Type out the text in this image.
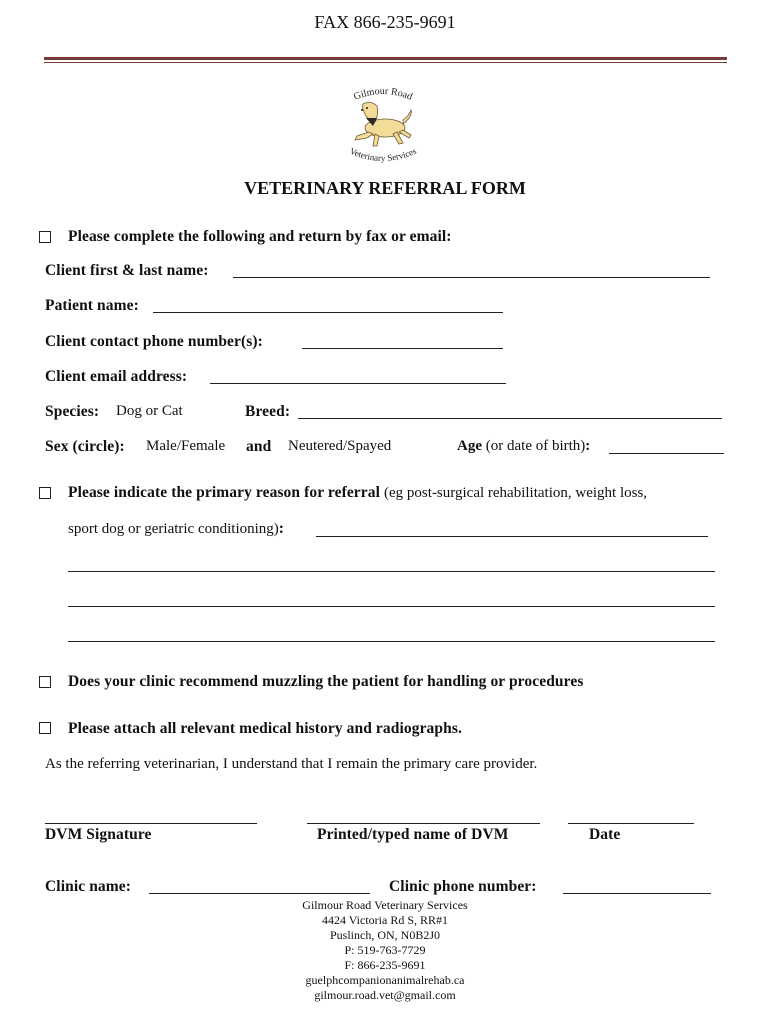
FAX 866-235-9691
Gilmour Road
Veterinary Services
VETERINARY REFERRAL FORM
Please complete the following and return by fax or email:
Client first & last name:
Patient name:
Client contact phone number(s):
Client email address:
Species: Dog or Cat	Breed:
Sex (circle): Male/Female and Neutered/Spayed	Age (or date of birth):
Please indicate the primary reason for referral (eg post-surgical rehabilitation, weight loss,
sport dog or geriatric conditioning):
Does your clinic recommend muzzling the patient for handling or procedures
Please attach all relevant medical history and radiographs.
As the referring veterinarian, I understand that I remain the primary care provider.
DVM Signature	Printed/typed name of DVM	Date
Clinic name:	Clinic phone number:
Gilmour Road Veterinary Services
4424 Victoria Rd S, RR#1
Puslinch, ON, N0B2J0
P: 519-763-7729
F: 866-235-9691
guelphcompanionanimalrehab.ca
gilmour.road.vet@gmail.com
